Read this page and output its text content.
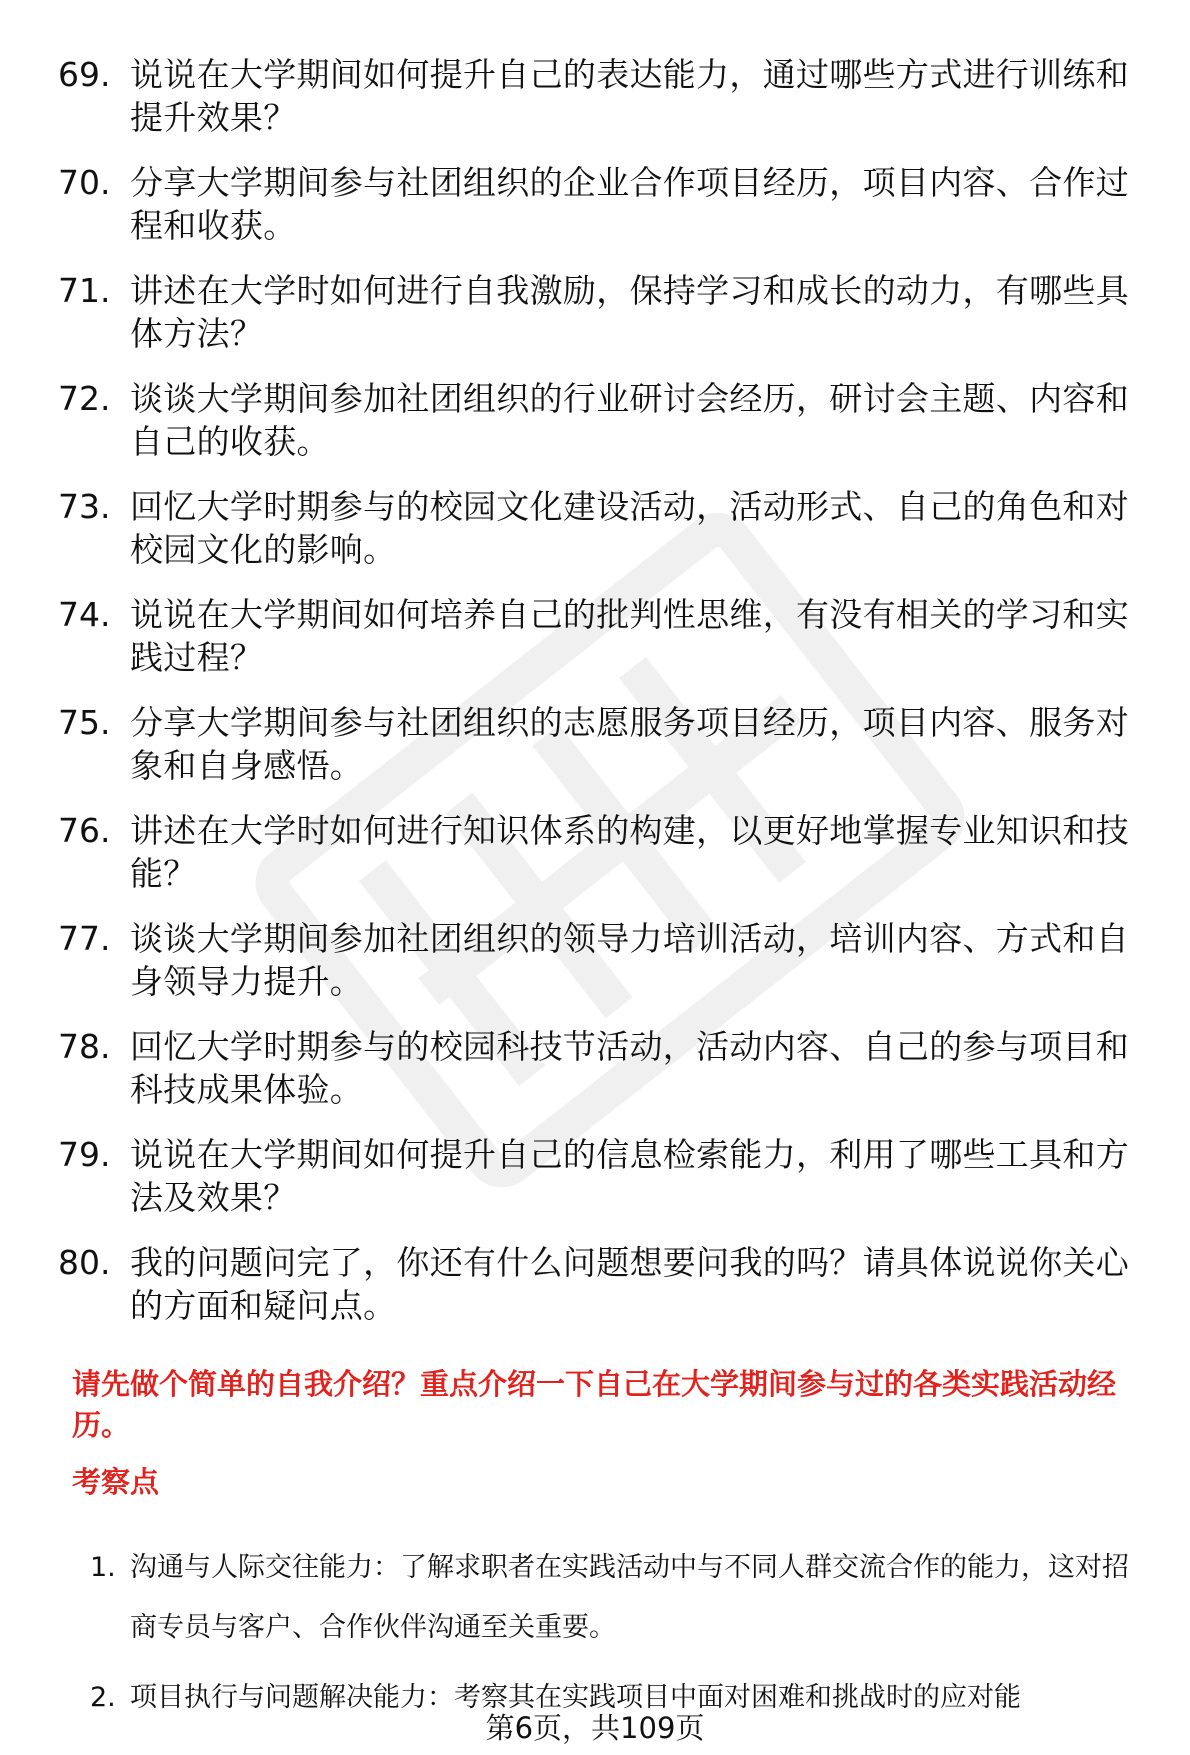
69. 说说在大学期间如何提升自己的表达能力，通过哪些方式进行训练和提升效果？
70. 分享大学期间参与社团组织的企业合作项目经历，项目内容、合作过程和收获。
71. 讲述在大学时如何进行自我激励，保持学习和成长的动力，有哪些具体方法？
72. 谈谈大学期间参加社团组织的行业研讨会经历，研讨会主题、内容和自己的收获。
73. 回忆大学时期参与的校园文化建设活动，活动形式、自己的角色和对校园文化的影响。
74. 说说在大学期间如何培养自己的批判性思维，有没有相关的学习和实践过程？
75. 分享大学期间参与社团组织的志愿服务项目经历，项目内容、服务对象和自身感悟。
76. 讲述在大学时如何进行知识体系的构建，以更好地掌握专业知识和技能？
77. 谈谈大学期间参加社团组织的领导力培训活动，培训内容、方式和自身领导力提升。
78. 回忆大学时期参与的校园科技节活动，活动内容、自己的参与项目和科技成果体验。
79. 说说在大学期间如何提升自己的信息检索能力，利用了哪些工具和方法及效果？
80. 我的问题问完了，你还有什么问题想要问我的吗？请具体说说你关心的方面和疑问点。

请先做个简单的自我介绍？重点介绍一下自己在大学期间参与过的各类实践活动经历。

考察点

1. 沟通与人际交往能力：了解求职者在实践活动中与不同人群交流合作的能力，这对招商专员与客户、合作伙伴沟通至关重要。
2. 项目执行与问题解决能力：考察其在实践项目中面对困难和挑战时的应对能
第6页，共109页
